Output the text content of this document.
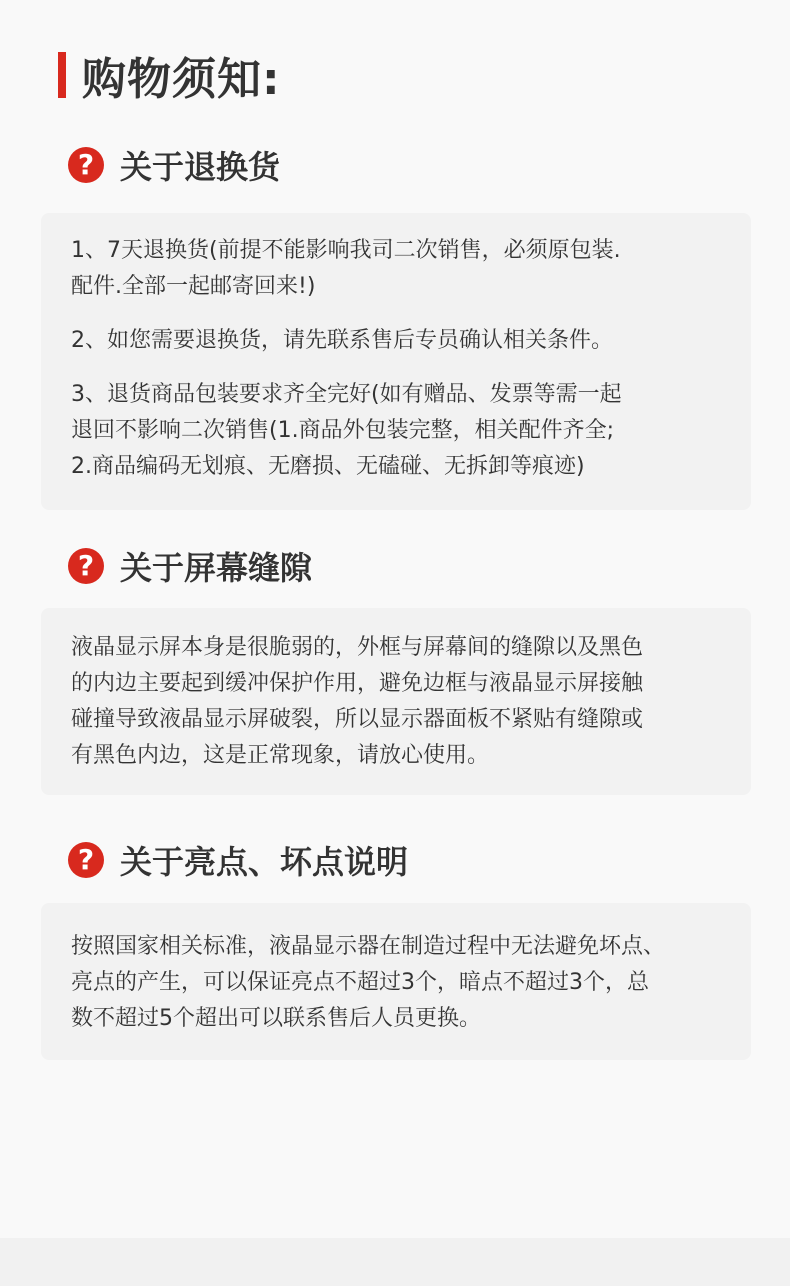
购物须知:
? 关于退换货

1、7天退换货(前提不能影响我司二次销售，必须原包装.

配件.全部一起邮寄回来!)

2、如您需要退换货，请先联系售后专员确认相关条件。

3、退货商品包装要求齐全完好(如有赠品、发票等需一起

退回不影响二次销售(1.商品外包装完整，相关配件齐全;

2.商品编码无划痕、无磨损、无磕碰、无拆卸等痕迹)

? 关于屏幕缝隙

液晶显示屏本身是很脆弱的，外框与屏幕间的缝隙以及黑色

的内边主要起到缓冲保护作用，避免边框与液晶显示屏接触

碰撞导致液晶显示屏破裂，所以显示器面板不紧贴有缝隙或

有黑色内边，这是正常现象，请放心使用。

? 关于亮点、坏点说明

按照国家相关标准，液晶显示器在制造过程中无法避免坏点、

亮点的产生，可以保证亮点不超过3个，暗点不超过3个，总

数不超过5个超出可以联系售后人员更换。
